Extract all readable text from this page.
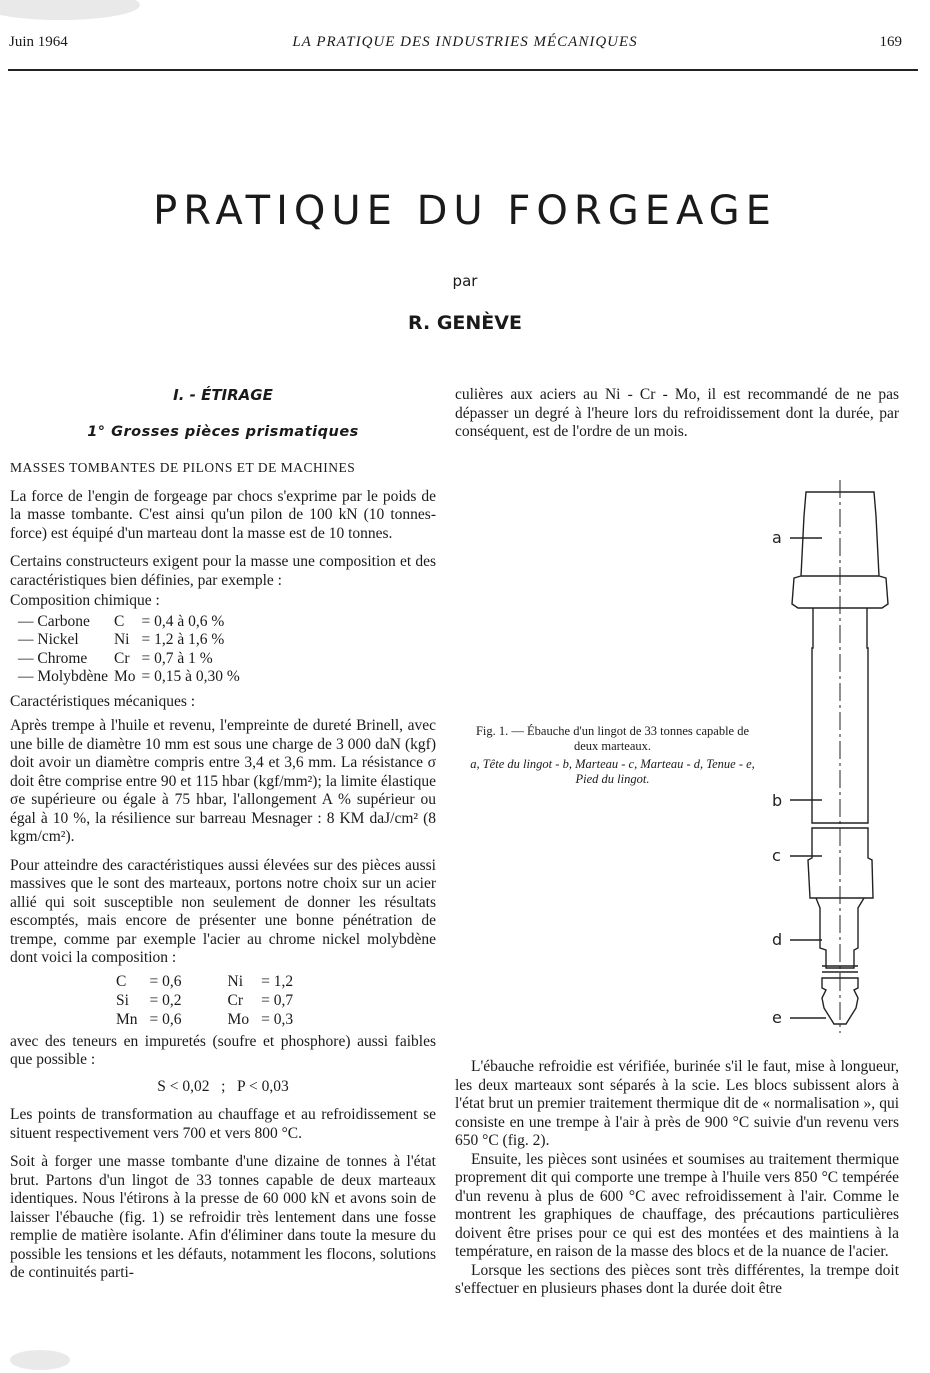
Juin 1964	LA PRATIQUE DES INDUSTRIES MÉCANIQUES	169
PRATIQUE DU FORGEAGE
par
R. GENÈVE
I. - ÉTIRAGE
1° Grosses pièces prismatiques
MASSES TOMBANTES DE PILONS ET DE MACHINES

La force de l'engin de forgeage par chocs s'exprime par le poids de la masse tombante. C'est ainsi qu'un pilon de 100 kN (10 tonnes-force) est équipé d'un marteau dont la masse est de 10 tonnes.

Certains constructeurs exigent pour la masse une composition et des caractéristiques bien définies, par exemple :

Composition chimique :
— Carbone	C	= 0,4 à 0,6 %
— Nickel	Ni	= 1,2 à 1,6 %
— Chrome	Cr	= 0,7 à 1 %
— Molybdène	Mo	= 0,15 à 0,30 %
Caractéristiques mécaniques :

Après trempe à l'huile et revenu, l'empreinte de dureté Brinell, avec une bille de diamètre 10 mm est sous une charge de 3 000 daN (kgf) doit avoir un diamètre compris entre 3,4 et 3,6 mm. La résistance σ doit être comprise entre 90 et 115 hbar (kgf/mm²); la limite élastique σe supérieure ou égale à 75 hbar, l'allongement A % supérieur ou égal à 10 %, la résilience sur barreau Mesnager : 8 KM daJ/cm² (8 kgm/cm²).

Pour atteindre des caractéristiques aussi élevées sur des pièces aussi massives que le sont des marteaux, portons notre choix sur un acier allié qui soit susceptible non seulement de donner les résultats escomptés, mais encore de présenter une bonne pénétration de trempe, comme par exemple l'acier au chrome nickel molybdène dont voici la composition :

C	= 0,6	Ni	= 1,2
Si	= 0,2	Cr	= 0,7
Mn	= 0,6	Mo	= 0,3

avec des teneurs en impuretés (soufre et phosphore) aussi faibles que possible :

S < 0,02   ;   P < 0,03

Les points de transformation au chauffage et au refroidissement se situent respectivement vers 700 et vers 800 °C.

Soit à forger une masse tombante d'une dizaine de tonnes à l'état brut. Partons d'un lingot de 33 tonnes capable de deux marteaux identiques. Nous l'étirons à la presse de 60 000 kN et avons soin de laisser l'ébauche (fig. 1) se refroidir très lentement dans une fosse remplie de matière isolante. Afin d'éliminer dans toute la mesure du possible les tensions et les défauts, notamment les flocons, solutions de continuités parti-

culières aux aciers au Ni - Cr - Mo, il est recommandé de ne pas dépasser un degré à l'heure lors du refroidissement dont la durée, par conséquent, est de l'ordre de un mois.

Fig. 1. — Ébauche d'un lingot de 33 tonnes capable de deux marteaux.
a, Tête du lingot - b, Marteau - c, Marteau - d, Tenue - e, Pied du lingot.
a
b
c
d
e

L'ébauche refroidie est vérifiée, burinée s'il le faut, mise à longueur, les deux marteaux sont séparés à la scie. Les blocs subissent alors à l'état brut un premier traitement thermique dit de « normalisation », qui consiste en une trempe à l'air à près de 900 °C suivie d'un revenu vers 650 °C (fig. 2).

Ensuite, les pièces sont usinées et soumises au traitement thermique proprement dit qui comporte une trempe à l'huile vers 850 °C tempérée d'un revenu à plus de 600 °C avec refroidissement à l'air. Comme le montrent les graphiques de chauffage, des précautions particulières doivent être prises pour ce qui est des montées et des maintiens à la température, en raison de la masse des blocs et de la nuance de l'acier.

Lorsque les sections des pièces sont très différentes, la trempe doit s'effectuer en plusieurs phases dont la durée doit être
